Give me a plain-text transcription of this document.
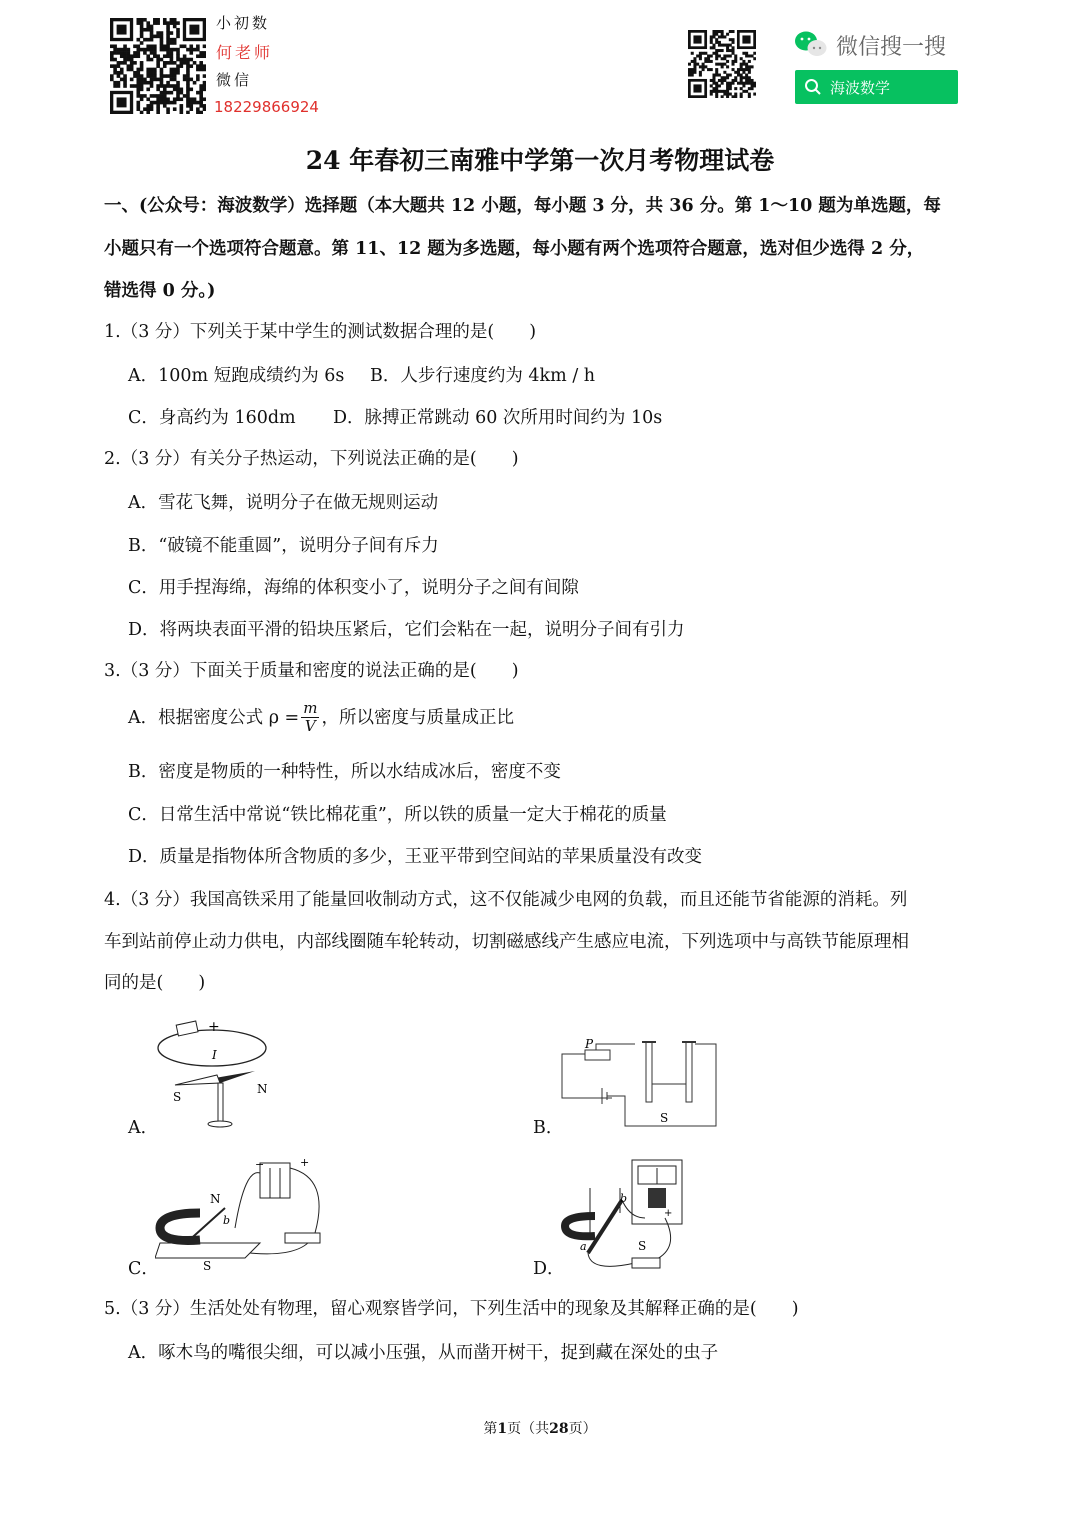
小初数
何老师
微信
18229866924
微信搜一搜
海波数学
24 年春初三南雅中学第一次月考物理试卷
一、(公众号：海波数学）选择题（本大题共 12 小题，每小题 3 分，共 36 分。第 1～10 题为单选题，每
小题只有一个选项符合题意。第 11、12 题为多选题，每小题有两个选项符合题意，选对但少选得 2 分，
错选得 0 分。)
1.（3 分）下列关于某中学生的测试数据合理的是(　　)
A．100m 短跑成绩约为 6s B．人步行速度约为 4km / h
C．身高约为 160dm D．脉搏正常跳动 60 次所用时间约为 10s
2.（3 分）有关分子热运动，下列说法正确的是(　　)
A．雪花飞舞，说明分子在做无规则运动
B．“破镜不能重圆”，说明分子间有斥力
C．用手捏海绵，海绵的体积变小了，说明分子之间有间隙
D．将两块表面平滑的铅块压紧后，它们会粘在一起，说明分子间有引力
3.（3 分）下面关于质量和密度的说法正确的是(　　)
A．根据密度公式 $\rho = \frac{m}{V}$ ，所以密度与质量成正比
B．密度是物质的一种特性，所以水结成冰后，密度不变
C．日常生活中常说“铁比棉花重”，所以铁的质量一定大于棉花的质量
D．质量是指物体所含物质的多少，王亚平带到空间站的苹果质量没有改变
4.（3 分）我国高铁采用了能量回收制动方式，这不仅能减少电网的负载，而且还能节省能源的消耗。列
车到站前停止动力供电，内部线圈随车轮转动，切割磁感线产生感应电流，下列选项中与高铁节能原理相
同的是(　　)
A．	B．
C．	D．
+
I
S
N
P
S
N
S
b
−	+
a
b
S
+
5.（3 分）生活处处有物理，留心观察皆学问，下列生活中的现象及其解释正确的是(　　)
A．啄木鸟的嘴很尖细，可以减小压强，从而凿开树干，捉到藏在深处的虫子
第1页（共28页）
